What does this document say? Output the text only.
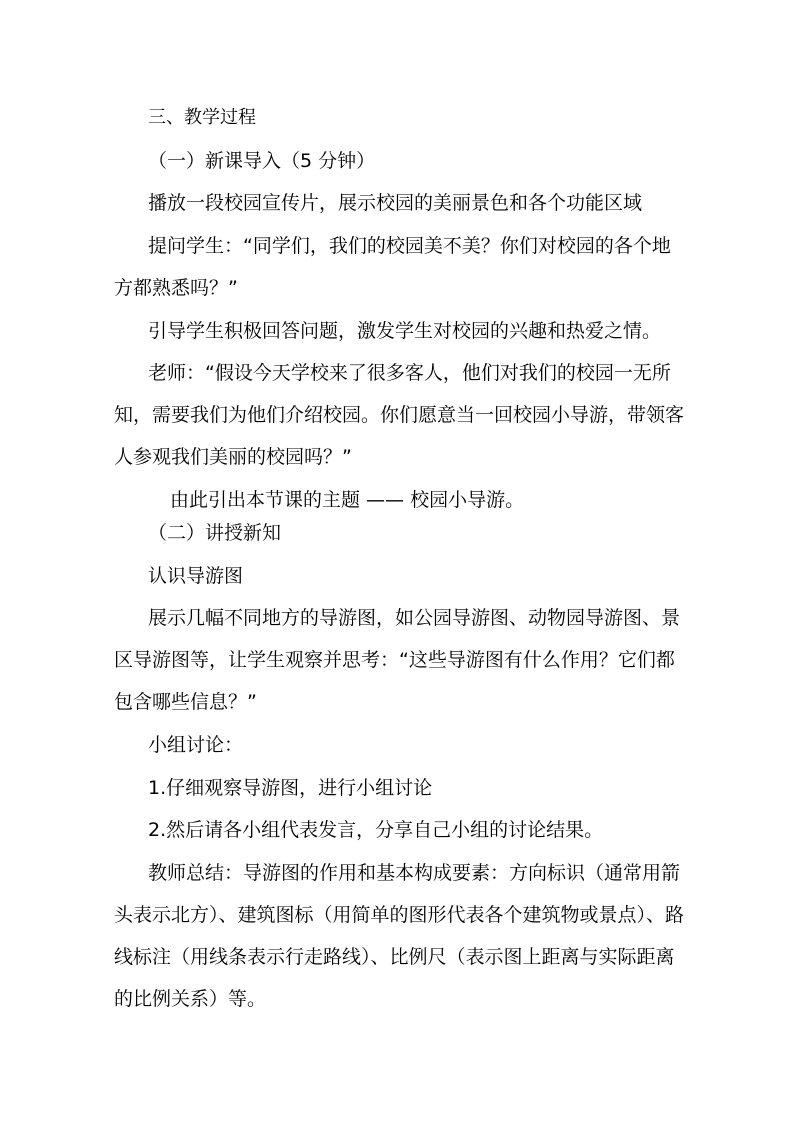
三、教学过程

（一）新课导入（5 分钟）

播放一段校园宣传片，展示校园的美丽景色和各个功能区域

提问学生：“同学们，我们的校园美不美？你们对校园的各个地方都熟悉吗？”

引导学生积极回答问题，激发学生对校园的兴趣和热爱之情。

老师：“假设今天学校来了很多客人，他们对我们的校园一无所知，需要我们为他们介绍校园。你们愿意当一回校园小导游，带领客人参观我们美丽的校园吗？”

由此引出本节课的主题 —— 校园小导游。

（二）讲授新知

认识导游图

展示几幅不同地方的导游图，如公园导游图、动物园导游图、景区导游图等，让学生观察并思考：“这些导游图有什么作用？它们都包含哪些信息？”

小组讨论：

1.仔细观察导游图，进行小组讨论

2.然后请各小组代表发言，分享自己小组的讨论结果。

教师总结：导游图的作用和基本构成要素：方向标识（通常用箭头表示北方）、建筑图标（用简单的图形代表各个建筑物或景点）、路线标注（用线条表示行走路线）、比例尺（表示图上距离与实际距离的比例关系）等。
